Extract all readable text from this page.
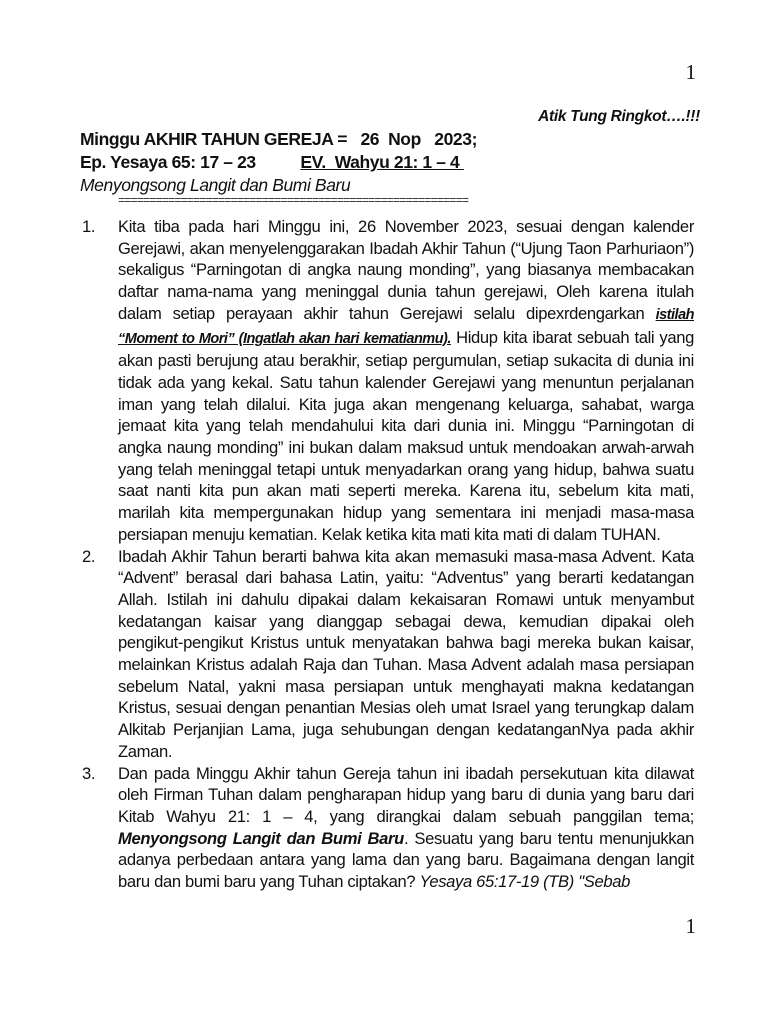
1
Atik Tung Ringkot….!!!
Minggu AKHIR TAHUN GEREJA =   26  Nop   2023;
Ep. Yesaya 65: 17 – 23	EV.  Wahyu 21: 1 – 4
Menyongsong Langit dan Bumi Baru
========================================================
1.	Kita tiba pada hari Minggu ini, 26 November 2023, sesuai dengan kalender Gerejawi, akan menyelenggarakan Ibadah Akhir Tahun (“Ujung Taon Parhuriaon”) sekaligus “Parningotan di angka naung monding”, yang biasanya membacakan daftar nama-nama yang meninggal dunia tahun gerejawi, Oleh karena itulah dalam setiap perayaan akhir tahun Gerejawi selalu dipexrdengarkan istilah “Moment to Mori” (Ingatlah akan hari kematianmu). Hidup kita ibarat sebuah tali yang akan pasti berujung atau berakhir, setiap pergumulan, setiap sukacita di dunia ini tidak ada yang kekal. Satu tahun kalender Gerejawi yang menuntun perjalanan iman yang telah dilalui. Kita juga akan mengenang keluarga, sahabat, warga jemaat kita yang telah mendahului kita dari dunia ini. Minggu “Parningotan di angka naung monding” ini bukan dalam maksud untuk mendoakan arwah-arwah yang telah meninggal tetapi untuk menyadarkan orang yang hidup, bahwa suatu saat nanti kita pun akan mati seperti mereka. Karena itu, sebelum kita mati, marilah kita mempergunakan hidup yang sementara ini menjadi masa-masa persiapan menuju kematian. Kelak ketika kita mati kita mati di dalam TUHAN.
2.	Ibadah Akhir Tahun berarti bahwa kita akan memasuki masa-masa Advent. Kata “Advent” berasal dari bahasa Latin, yaitu: “Adventus” yang berarti kedatangan Allah. Istilah ini dahulu dipakai dalam kekaisaran Romawi untuk menyambut kedatangan kaisar yang dianggap sebagai dewa, kemudian dipakai oleh pengikut-pengikut Kristus untuk menyatakan bahwa bagi mereka bukan kaisar, melainkan Kristus adalah Raja dan Tuhan. Masa Advent adalah masa persiapan sebelum Natal, yakni masa persiapan untuk menghayati makna kedatangan Kristus, sesuai dengan penantian Mesias oleh umat Israel yang terungkap dalam Alkitab Perjanjian Lama, juga sehubungan dengan kedatanganNya pada akhir Zaman.
3.	Dan pada Minggu Akhir tahun Gereja tahun ini ibadah persekutuan kita dilawat oleh Firman Tuhan dalam pengharapan hidup yang baru di dunia yang baru dari Kitab Wahyu 21: 1 – 4, yang dirangkai dalam sebuah panggilan tema; Menyongsong Langit dan Bumi Baru. Sesuatu yang baru tentu menunjukkan adanya perbedaan antara yang lama dan yang baru. Bagaimana dengan langit baru dan bumi baru yang Tuhan ciptakan? Yesaya 65:17-19 (TB) "Sebab
1
